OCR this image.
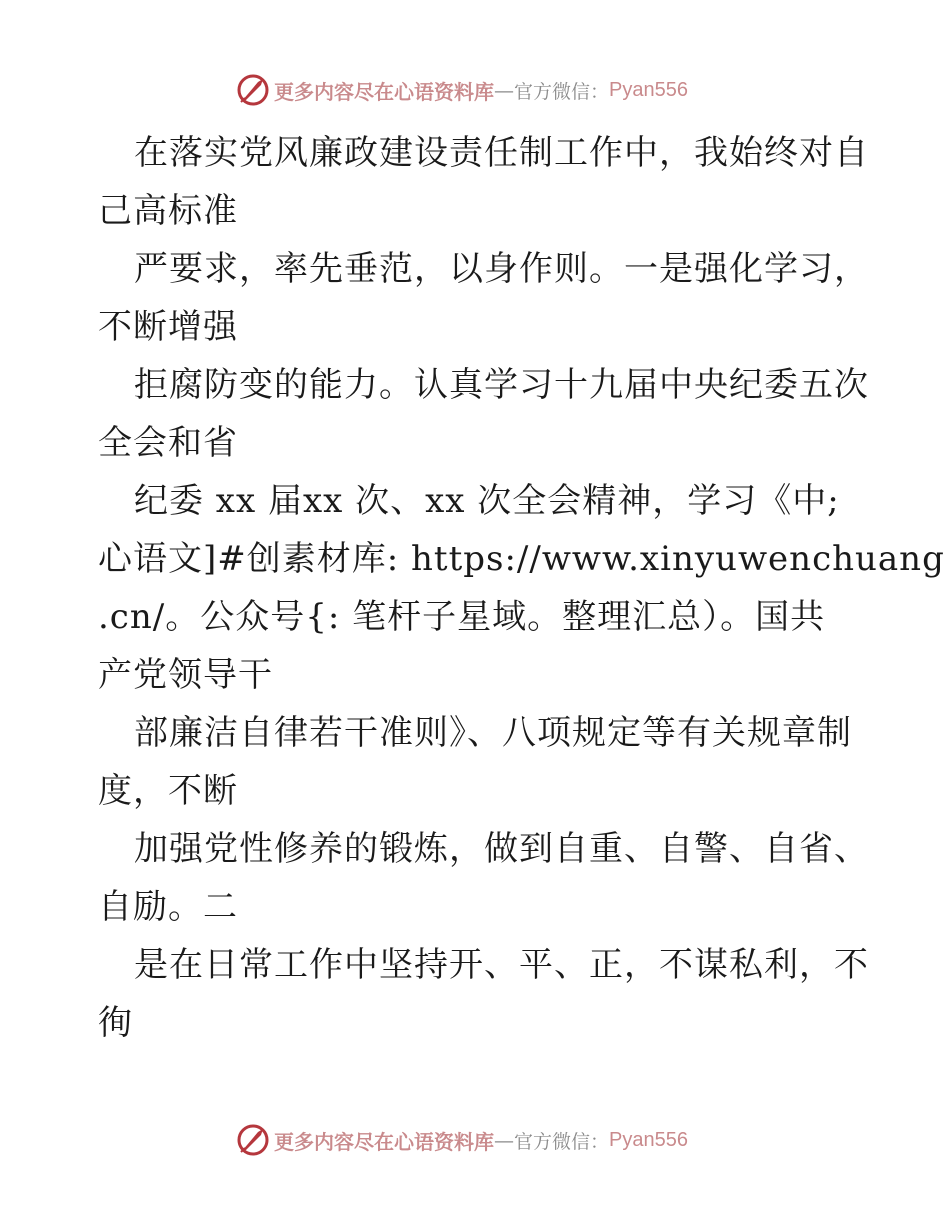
更多内容尽在心语资料库 — 官方微信： Pyan556
在落实党风廉政建设责任制工作中，我始终对自
己高标准
严要求，率先垂范，以身作则。一是强化学习，
不断增强
拒腐防变的能力。认真学习十九届中央纪委五次
全会和省
纪委 xx 届xx 次、xx 次全会精神，学习《中;
心语文]#创素材库: https://www.xinyuwenchuang
.cn/。公众号{: 笔杆子星域。整理汇总）。国共
产党领导干
部廉洁自律若干准则》、八项规定等有关规章制
度，不断
加强党性修养的锻炼，做到自重、自警、自省、
自励。二
是在日常工作中坚持开、平、正，不谋私利，不
徇
更多内容尽在心语资料库 — 官方微信： Pyan556
